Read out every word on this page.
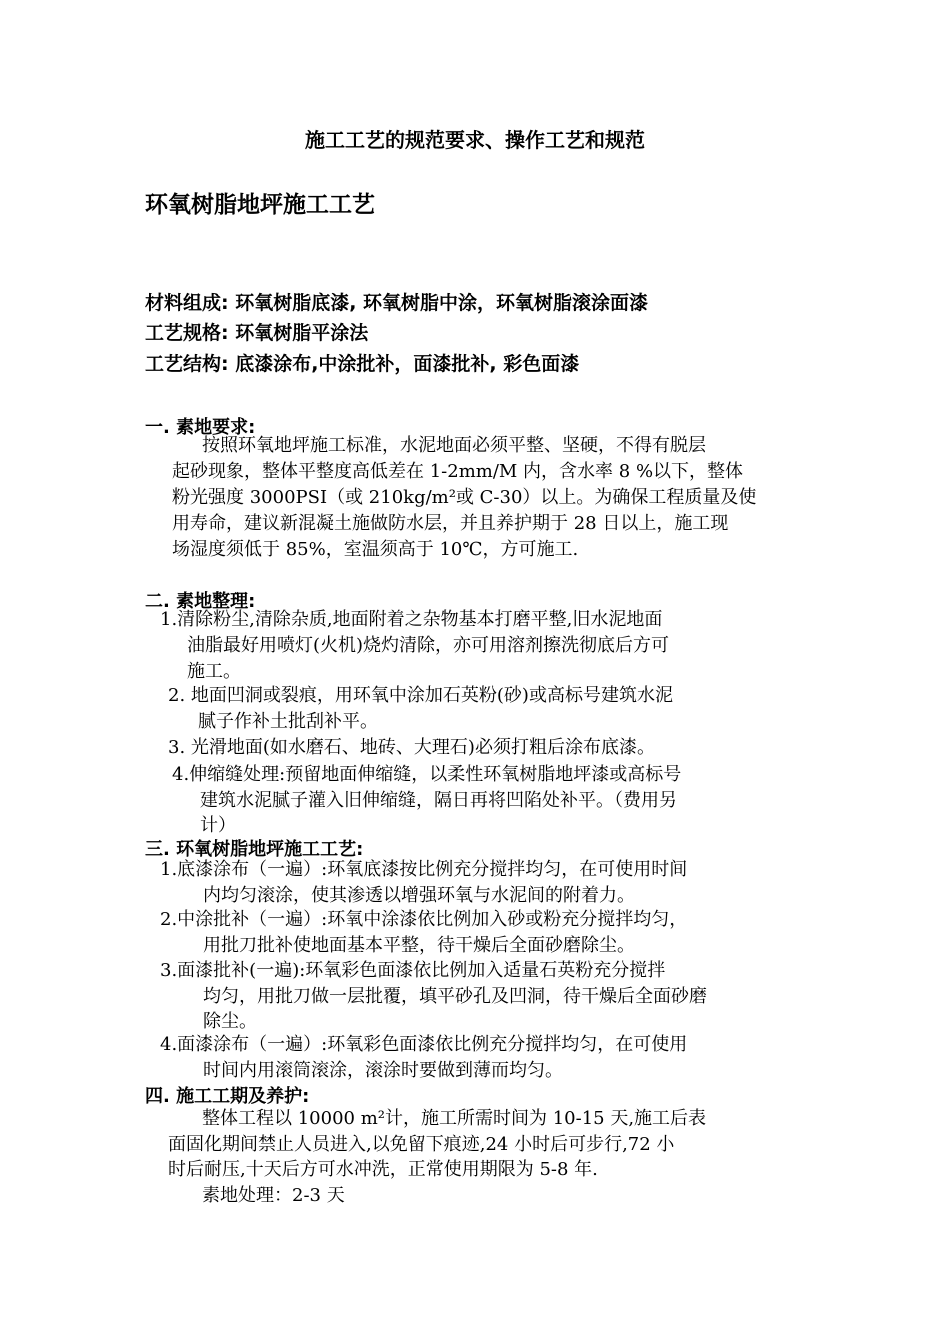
施工工艺的规范要求、操作工艺和规范
环氧树脂地坪施工工艺
材料组成: 环氧树脂底漆, 环氧树脂中涂，环氧树脂滚涂面漆
工艺规格: 环氧树脂平涂法
工艺结构: 底漆涂布,中涂批补，面漆批补, 彩色面漆
一. 素地要求:
按照环氧地坪施工标准，水泥地面必须平整、坚硬，不得有脱层
起砂现象，整体平整度高低差在 1-2mm/M 内，含水率 8 %以下，整体
粉光强度 3000PSI（或 210kg/m²或 C-30）以上。为确保工程质量及使
用寿命，建议新混凝土施做防水层，并且养护期于 28 日以上，施工现
场湿度须低于 85%，室温须高于 10℃，方可施工.
二. 素地整理:
1.清除粉尘,清除杂质,地面附着之杂物基本打磨平整,旧水泥地面
油脂最好用喷灯(火机)烧灼清除，亦可用溶剂擦洗彻底后方可
施工。
2. 地面凹洞或裂痕，用环氧中涂加石英粉(砂)或高标号建筑水泥
腻子作补土批刮补平。
3. 光滑地面(如水磨石、地砖、大理石)必须打粗后涂布底漆。
4.伸缩缝处理:预留地面伸缩缝，以柔性环氧树脂地坪漆或高标号
建筑水泥腻子灌入旧伸缩缝，隔日再将凹陷处补平。（费用另
计）
三. 环氧树脂地坪施工工艺:
1.底漆涂布（一遍）:环氧底漆按比例充分搅拌均匀，在可使用时间
内均匀滚涂，使其渗透以增强环氧与水泥间的附着力。
2.中涂批补（一遍）:环氧中涂漆依比例加入砂或粉充分搅拌均匀，
用批刀批补使地面基本平整，待干燥后全面砂磨除尘。
3.面漆批补(一遍):环氧彩色面漆依比例加入适量石英粉充分搅拌
均匀，用批刀做一层批覆，填平砂孔及凹洞，待干燥后全面砂磨
除尘。
4.面漆涂布（一遍）:环氧彩色面漆依比例充分搅拌均匀，在可使用
时间内用滚筒滚涂，滚涂时要做到薄而均匀。
四. 施工工期及养护:
整体工程以 10000 m²计，施工所需时间为 10-15 天,施工后表
面固化期间禁止人员进入,以免留下痕迹,24 小时后可步行,72 小
时后耐压,十天后方可水冲洗，正常使用期限为 5-8 年.
素地处理：2-3 天
